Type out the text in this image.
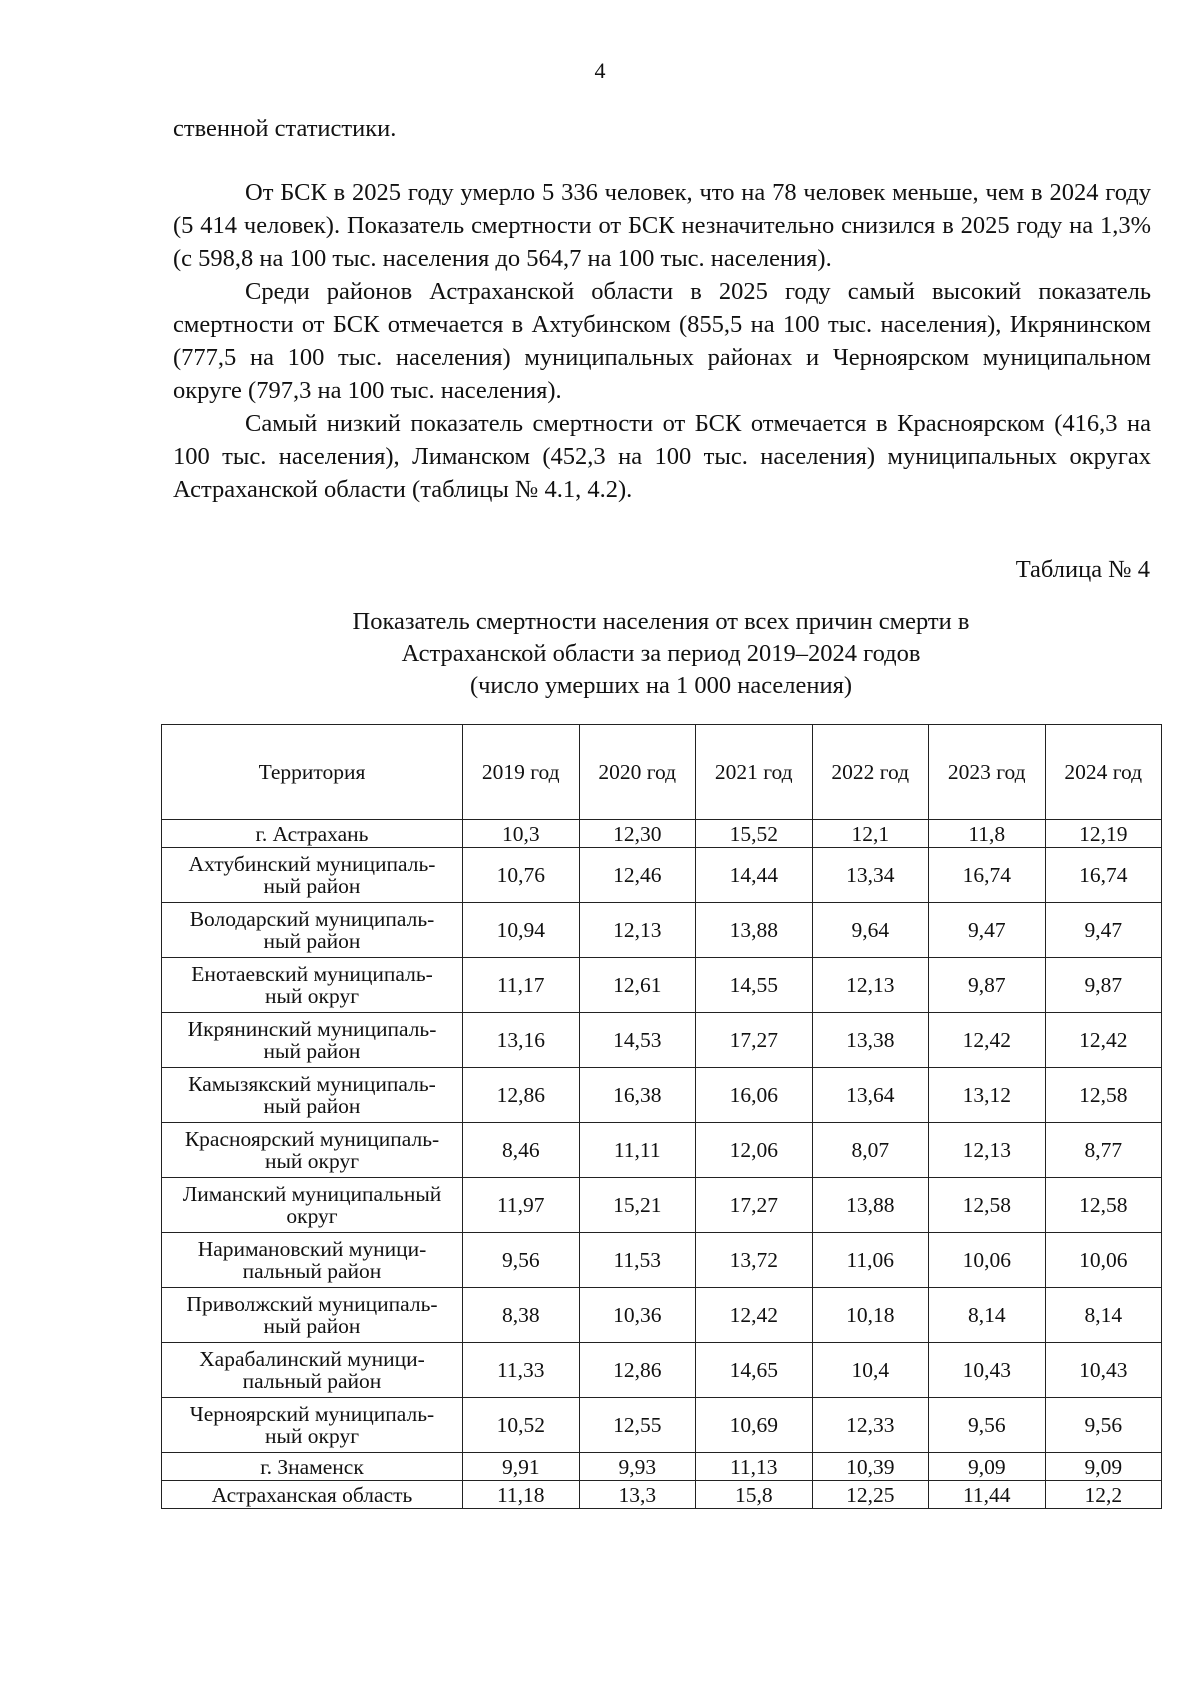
4
ственной статистики.

От БСК в 2025 году умерло 5 336 человек, что на 78 человек меньше, чем в 2024 году (5 414 человек). Показатель смертности от БСК незначительно снизился в 2025 году на 1,3% (с 598,8 на 100 тыс. населения до 564,7 на 100 тыс. населения).

Среди районов Астраханской области в 2025 году самый высокий показатель смертности от БСК отмечается в Ахтубинском (855,5 на 100 тыс. населения), Икрянинском (777,5 на 100 тыс. населения) муниципальных районах и Черноярском муниципальном округе (797,3 на 100 тыс. населения).

Самый низкий показатель смертности от БСК отмечается в Красноярском (416,3 на 100 тыс. населения), Лиманском (452,3 на 100 тыс. населения) муниципальных округах Астраханской области (таблицы № 4.1, 4.2).

Таблица № 4
Показатель смертности населения от всех причин смерти в
Астраханской области за период 2019–2024 годов
(число умерших на 1 000 населения)
Территория	2019 год	2020 год	2021 год	2022 год	2023 год	2024 год
г. Астрахань	10,3	12,30	15,52	12,1	11,8	12,19
Ахтубинский муниципаль-
ный район	10,76	12,46	14,44	13,34	16,74	16,74
Володарский муниципаль-
ный район	10,94	12,13	13,88	9,64	9,47	9,47
Енотаевский муниципаль-
ный округ	11,17	12,61	14,55	12,13	9,87	9,87
Икрянинский муниципаль-
ный район	13,16	14,53	17,27	13,38	12,42	12,42
Камызякский муниципаль-
ный район	12,86	16,38	16,06	13,64	13,12	12,58
Красноярский муниципаль-
ный округ	8,46	11,11	12,06	8,07	12,13	8,77
Лиманский муниципальный
округ	11,97	15,21	17,27	13,88	12,58	12,58
Наримановский муници-
пальный район	9,56	11,53	13,72	11,06	10,06	10,06
Приволжский муниципаль-
ный район	8,38	10,36	12,42	10,18	8,14	8,14
Харабалинский муници-
пальный район	11,33	12,86	14,65	10,4	10,43	10,43
Черноярский муниципаль-
ный округ	10,52	12,55	10,69	12,33	9,56	9,56
г. Знаменск	9,91	9,93	11,13	10,39	9,09	9,09
Астраханская область	11,18	13,3	15,8	12,25	11,44	12,2
